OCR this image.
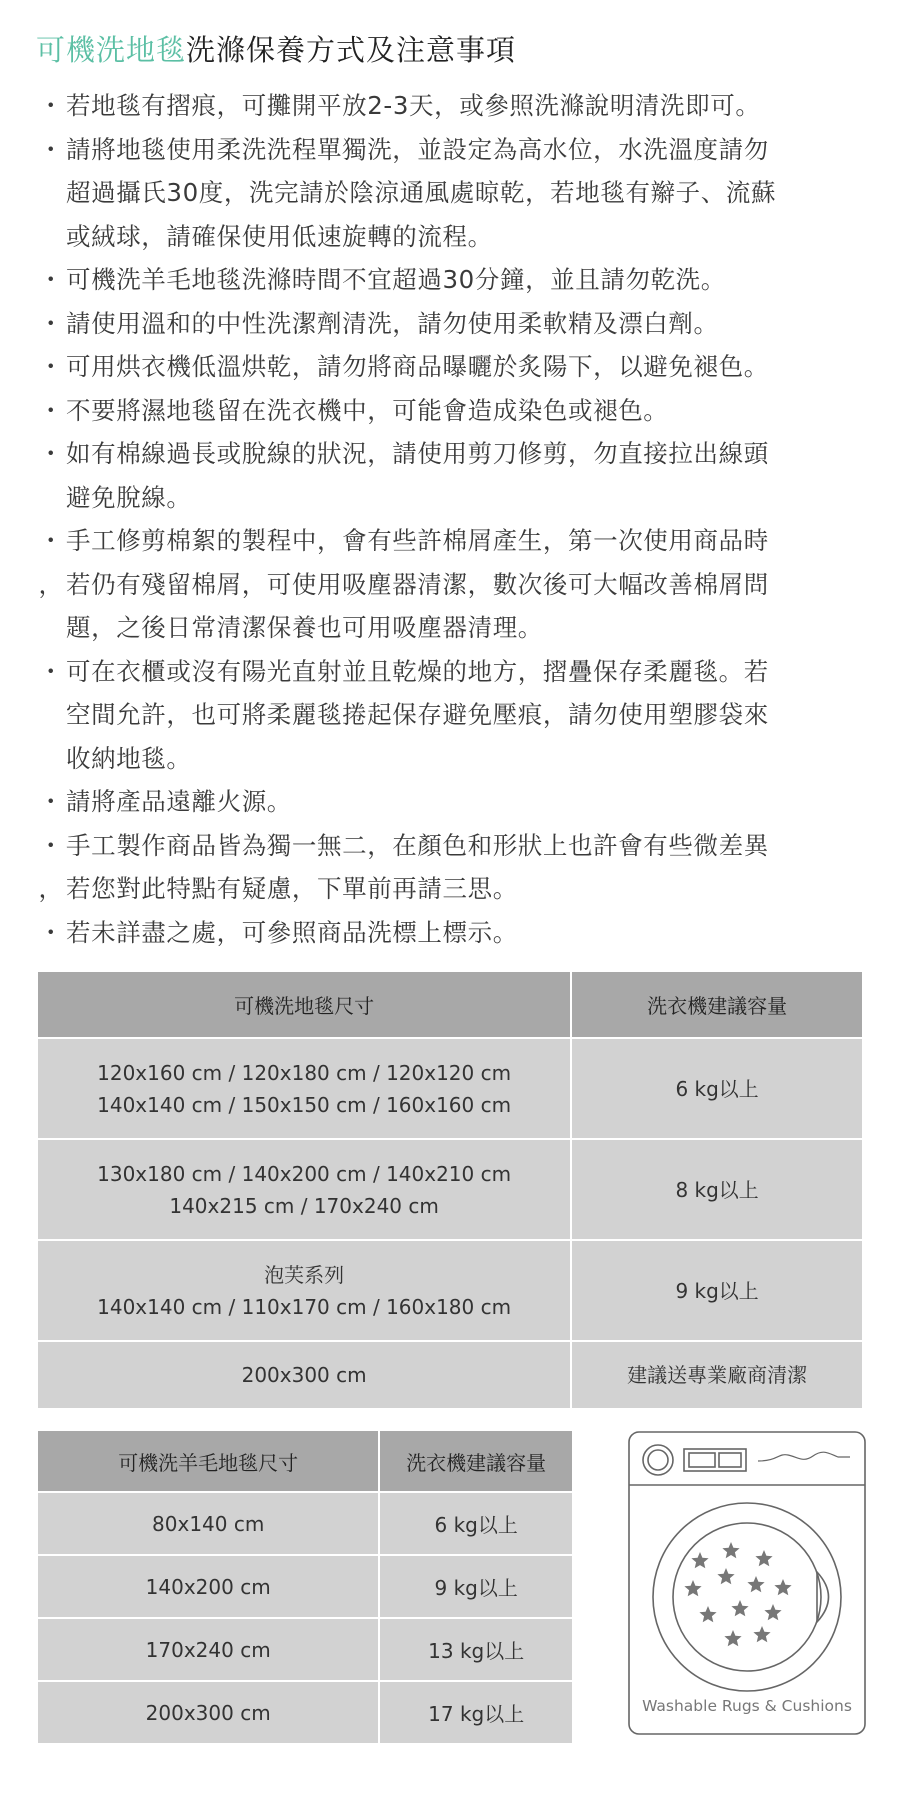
可機洗地毯洗滌保養方式及注意事項
・ 若地毯有摺痕，可攤開平放2-3天，或參照洗滌說明清洗即可。
・ 請將地毯使用柔洗洗程單獨洗，並設定為高水位，水洗溫度請勿
超過攝氏30度，洗完請於陰涼通風處晾乾，若地毯有辮子、流蘇
或絨球，請確保使用低速旋轉的流程。
・ 可機洗羊毛地毯洗滌時間不宜超過30分鐘，並且請勿乾洗。
・ 請使用溫和的中性洗潔劑清洗，請勿使用柔軟精及漂白劑。
・ 可用烘衣機低溫烘乾，請勿將商品曝曬於炙陽下，以避免褪色。
・ 不要將濕地毯留在洗衣機中，可能會造成染色或褪色。
・ 如有棉線過長或脫線的狀況，請使用剪刀修剪，勿直接拉出線頭
避免脫線。
・ 手工修剪棉絮的製程中，會有些許棉屑產生，第一次使用商品時
， 若仍有殘留棉屑，可使用吸塵器清潔，數次後可大幅改善棉屑問
題，之後日常清潔保養也可用吸塵器清理。
・ 可在衣櫃或沒有陽光直射並且乾燥的地方，摺疊保存柔麗毯。若
空間允許，也可將柔麗毯捲起保存避免壓痕，請勿使用塑膠袋來
收納地毯。
・ 請將產品遠離火源。
・ 手工製作商品皆為獨一無二，在顏色和形狀上也許會有些微差異
， 若您對此特點有疑慮，下單前再請三思。
・ 若未詳盡之處，可參照商品洗標上標示。
可機洗地毯尺寸	洗衣機建議容量

120x160 cm / 120x180 cm / 120x120 cm
140x140 cm / 150x150 cm / 160x160 cm	6 kg以上

130x180 cm / 140x200 cm / 140x210 cm
140x215 cm / 170x240 cm	8 kg以上

泡芙系列
140x140 cm / 110x170 cm / 160x180 cm	9 kg以上

200x300 cm	建議送專業廠商清潔
可機洗羊毛地毯尺寸	洗衣機建議容量
80x140 cm	6 kg以上
140x200 cm	9 kg以上
170x240 cm	13 kg以上
200x300 cm	17 kg以上	Washable Rugs & Cushions
